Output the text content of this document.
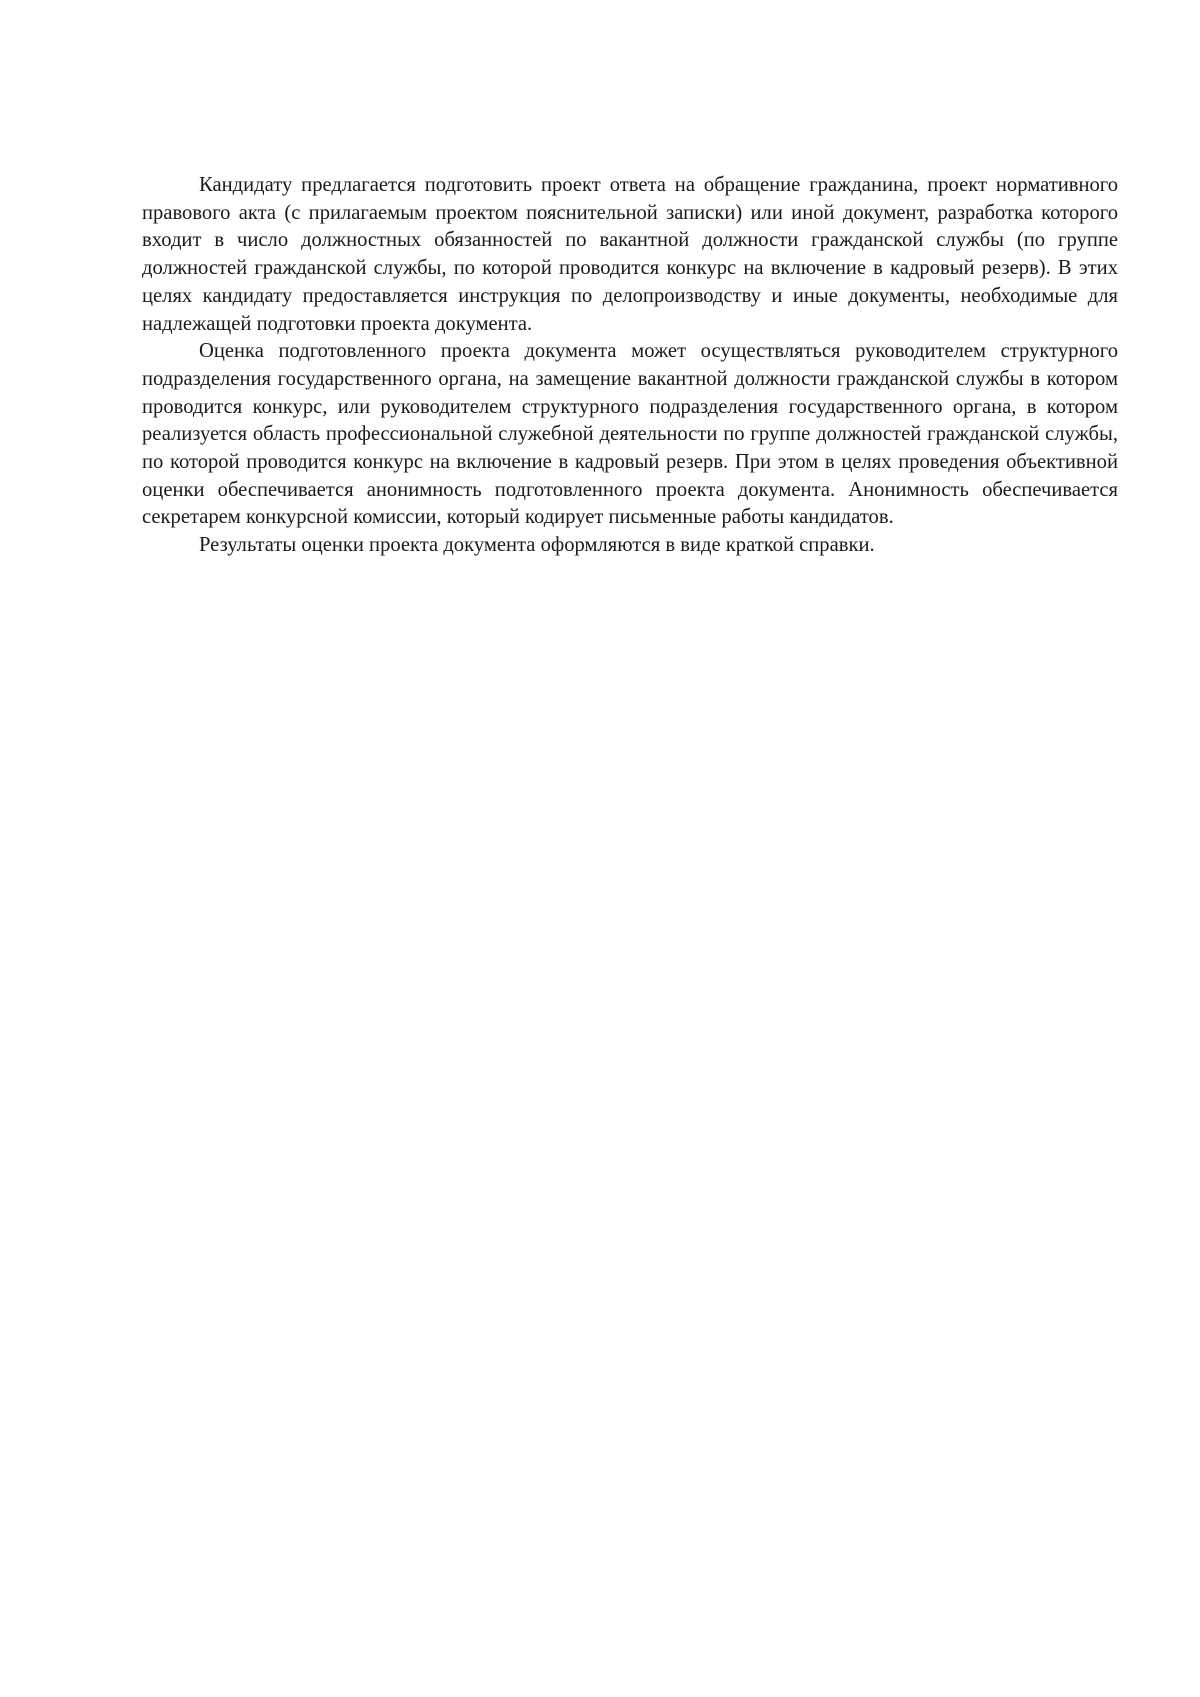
Кандидату предлагается подготовить проект ответа на обращение гражданина, проект нормативного правового акта (с прилагаемым проектом пояснительной записки) или иной документ, разработка которого входит в число должностных обязанностей по вакантной должности гражданской службы (по группе должностей гражданской службы, по которой проводится конкурс на включение в кадровый резерв). В этих целях кандидату предоставляется инструкция по делопроизводству и иные документы, необходимые для надлежащей подготовки проекта документа.

Оценка подготовленного проекта документа может осуществляться руководителем структурного подразделения государственного органа, на замещение вакантной должности гражданской службы в котором проводится конкурс, или руководителем структурного подразделения государственного органа, в котором реализуется область профессиональной служебной деятельности по группе должностей гражданской службы, по которой проводится конкурс на включение в кадровый резерв. При этом в целях проведения объективной оценки обеспечивается анонимность подготовленного проекта документа. Анонимность обеспечивается секретарем конкурсной комиссии, который кодирует письменные работы кандидатов.

Результаты оценки проекта документа оформляются в виде краткой справки.
